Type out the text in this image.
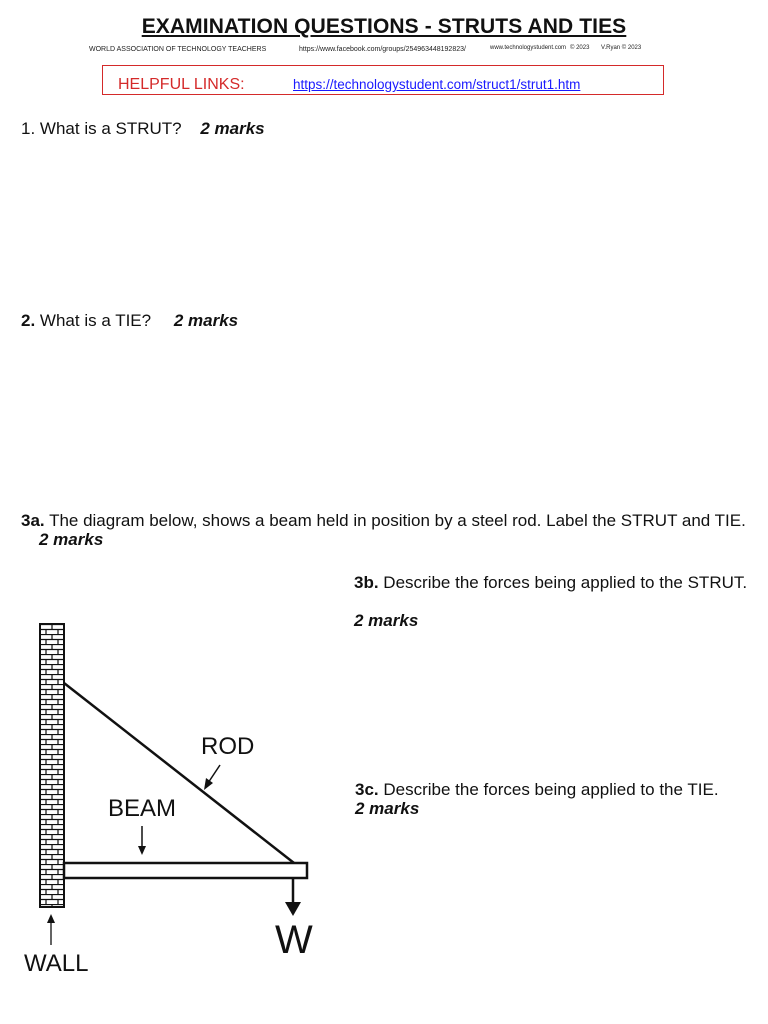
EXAMINATION QUESTIONS - STRUTS AND TIES
WORLD ASSOCIATION OF TECHNOLOGY TEACHERS	https://www.facebook.com/groups/254963448192823/	www.technologystudent.com © 2023 V.Ryan © 2023
HELPFUL LINKS:	https://technologystudent.com/struct1/strut1.htm
1. What is a STRUT? 2 marks
2. What is a TIE? 2 marks
3a. The diagram below, shows a beam held in position by a steel rod. Label the STRUT and TIE. 2 marks
3b. Describe the forces being applied to the STRUT.
2 marks
3c. Describe the forces being applied to the TIE.
2 marks
ROD
BEAM
WALL
W
